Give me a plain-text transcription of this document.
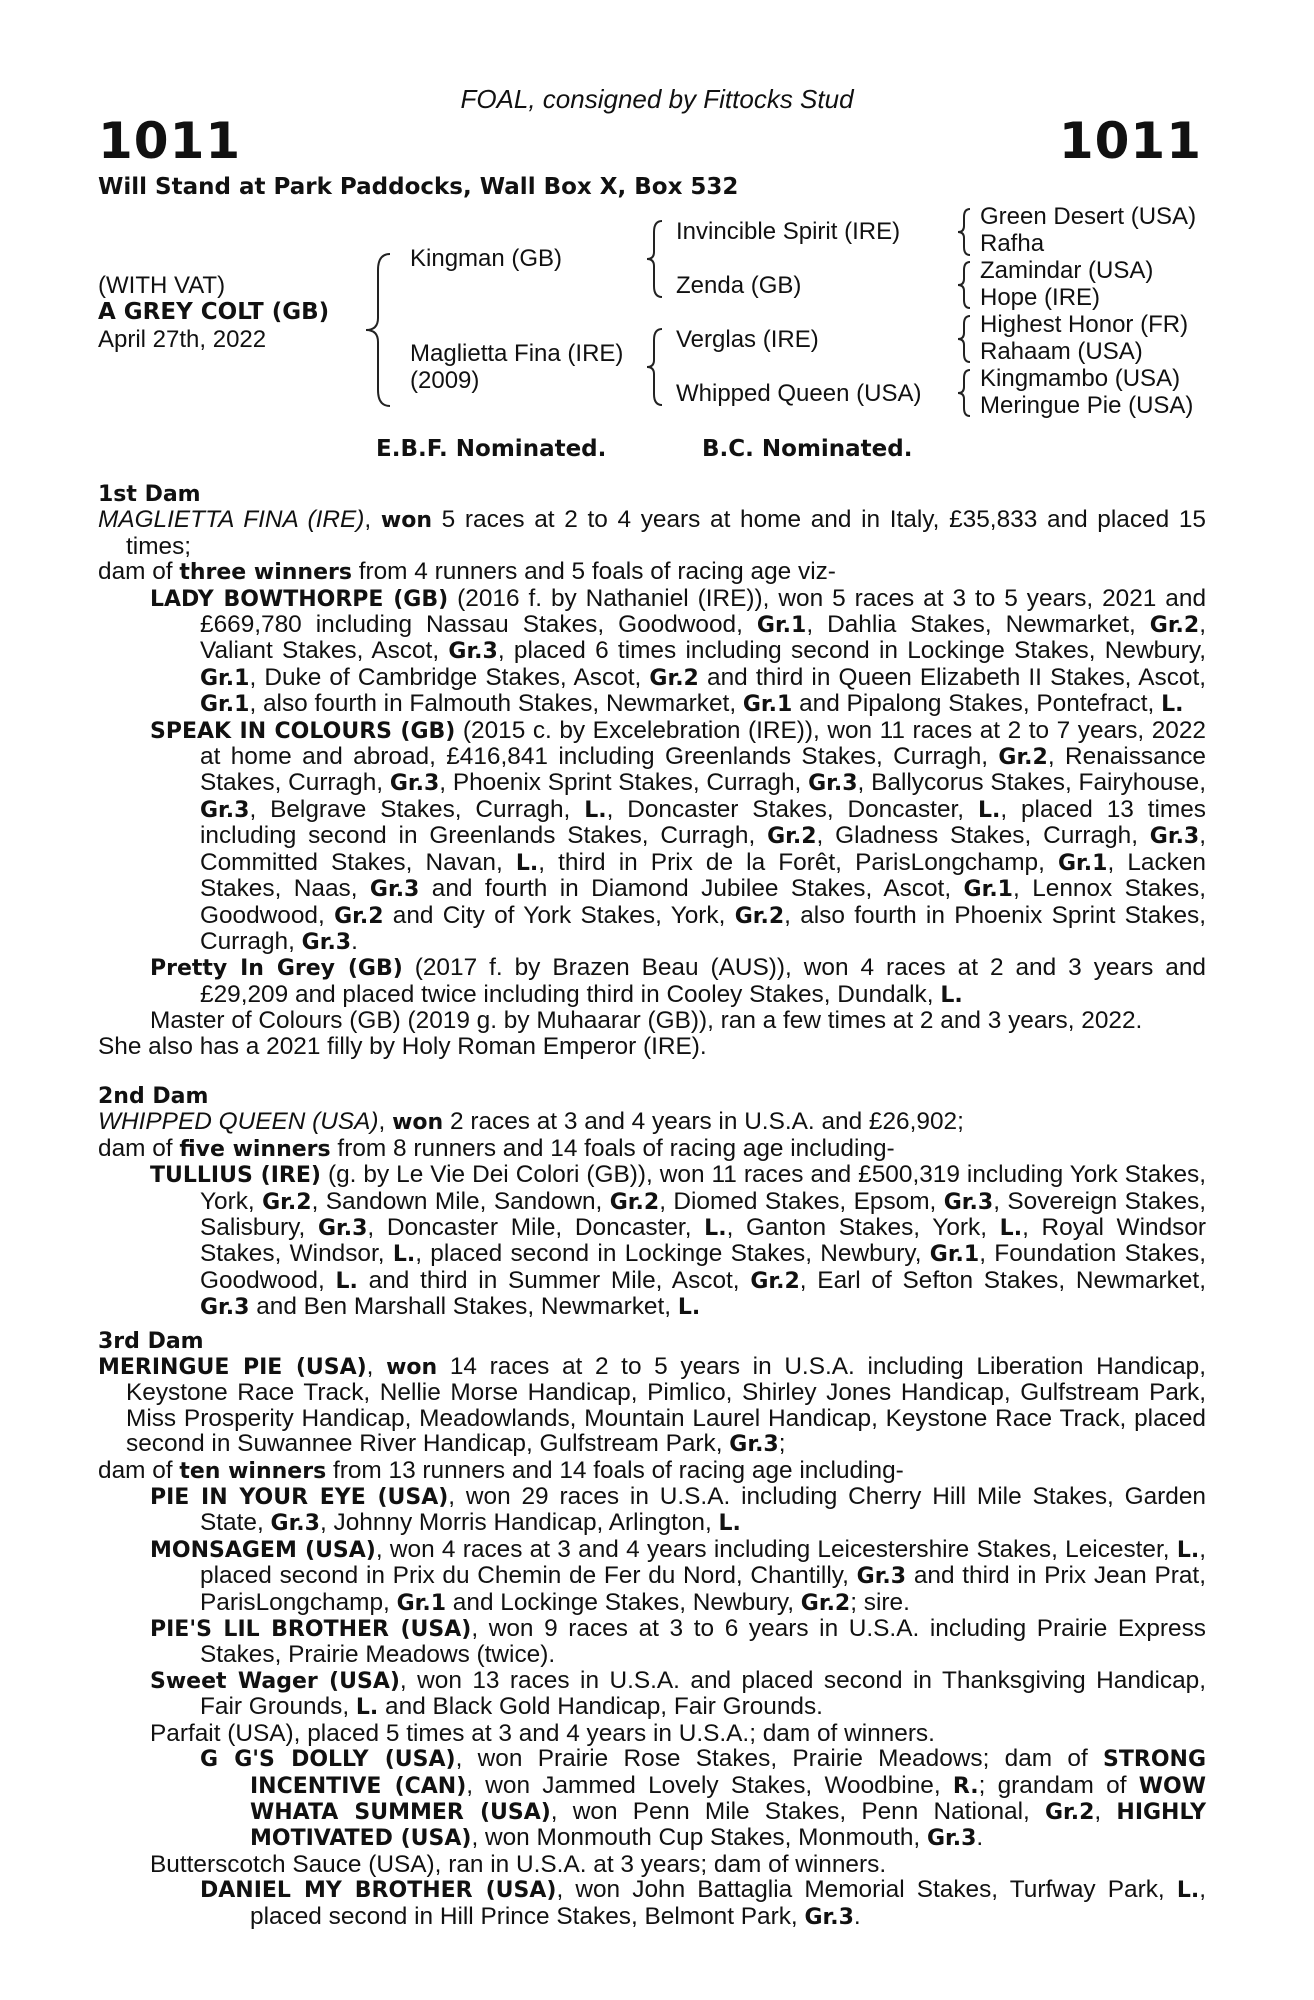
FOAL, consigned by Fittocks Stud
1011	1011
Will Stand at Park Paddocks, Wall Box X, Box 532
(WITH VAT)
A GREY COLT (GB)
April 27th, 2022
Kingman (GB)
Maglietta Fina (IRE)
(2009)
Invincible Spirit (IRE)
Zenda (GB)
Verglas (IRE)
Whipped Queen (USA)
Green Desert (USA)
Rafha
Zamindar (USA)
Hope (IRE)
Highest Honor (FR)
Rahaam (USA)
Kingmambo (USA)
Meringue Pie (USA)
E.B.F. Nominated.	B.C. Nominated.
1st Dam

MAGLIETTA FINA (IRE), won 5 races at 2 to 4 years at home and in Italy, £35,833 and placed 15 times;

dam of three winners from 4 runners and 5 foals of racing age viz-

LADY BOWTHORPE (GB) (2016 f. by Nathaniel (IRE)), won 5 races at 3 to 5 years, 2021 and £669,780 including Nassau Stakes, Goodwood, Gr.1, Dahlia Stakes, Newmarket, Gr.2, Valiant Stakes, Ascot, Gr.3, placed 6 times including second in Lockinge Stakes, Newbury, Gr.1, Duke of Cambridge Stakes, Ascot, Gr.2 and third in Queen Elizabeth II Stakes, Ascot, Gr.1, also fourth in Falmouth Stakes, Newmarket, Gr.1 and Pipalong Stakes, Pontefract, L.

SPEAK IN COLOURS (GB) (2015 c. by Excelebration (IRE)), won 11 races at 2 to 7 years, 2022 at home and abroad, £416,841 including Greenlands Stakes, Curragh, Gr.2, Renaissance Stakes, Curragh, Gr.3, Phoenix Sprint Stakes, Curragh, Gr.3, Ballycorus Stakes, Fairyhouse, Gr.3, Belgrave Stakes, Curragh, L., Doncaster Stakes, Doncaster, L., placed 13 times including second in Greenlands Stakes, Curragh, Gr.2, Gladness Stakes, Curragh, Gr.3, Committed Stakes, Navan, L., third in Prix de la Forêt, ParisLongchamp, Gr.1, Lacken Stakes, Naas, Gr.3 and fourth in Diamond Jubilee Stakes, Ascot, Gr.1, Lennox Stakes, Goodwood, Gr.2 and City of York Stakes, York, Gr.2, also fourth in Phoenix Sprint Stakes, Curragh, Gr.3.

Pretty In Grey (GB) (2017 f. by Brazen Beau (AUS)), won 4 races at 2 and 3 years and £29,209 and placed twice including third in Cooley Stakes, Dundalk, L.

Master of Colours (GB) (2019 g. by Muhaarar (GB)), ran a few times at 2 and 3 years, 2022.

She also has a 2021 filly by Holy Roman Emperor (IRE).

2nd Dam

WHIPPED QUEEN (USA), won 2 races at 3 and 4 years in U.S.A. and £26,902;

dam of five winners from 8 runners and 14 foals of racing age including-

TULLIUS (IRE) (g. by Le Vie Dei Colori (GB)), won 11 races and £500,319 including York Stakes, York, Gr.2, Sandown Mile, Sandown, Gr.2, Diomed Stakes, Epsom, Gr.3, Sovereign Stakes, Salisbury, Gr.3, Doncaster Mile, Doncaster, L., Ganton Stakes, York, L., Royal Windsor Stakes, Windsor, L., placed second in Lockinge Stakes, Newbury, Gr.1, Foundation Stakes, Goodwood, L. and third in Summer Mile, Ascot, Gr.2, Earl of Sefton Stakes, Newmarket, Gr.3 and Ben Marshall Stakes, Newmarket, L.

3rd Dam

MERINGUE PIE (USA), won 14 races at 2 to 5 years in U.S.A. including Liberation Handicap, Keystone Race Track, Nellie Morse Handicap, Pimlico, Shirley Jones Handicap, Gulfstream Park, Miss Prosperity Handicap, Meadowlands, Mountain Laurel Handicap, Keystone Race Track, placed second in Suwannee River Handicap, Gulfstream Park, Gr.3;

dam of ten winners from 13 runners and 14 foals of racing age including-

PIE IN YOUR EYE (USA), won 29 races in U.S.A. including Cherry Hill Mile Stakes, Garden State, Gr.3, Johnny Morris Handicap, Arlington, L.

MONSAGEM (USA), won 4 races at 3 and 4 years including Leicestershire Stakes, Leicester, L., placed second in Prix du Chemin de Fer du Nord, Chantilly, Gr.3 and third in Prix Jean Prat, ParisLongchamp, Gr.1 and Lockinge Stakes, Newbury, Gr.2; sire.

PIE'S LIL BROTHER (USA), won 9 races at 3 to 6 years in U.S.A. including Prairie Express Stakes, Prairie Meadows (twice).

Sweet Wager (USA), won 13 races in U.S.A. and placed second in Thanksgiving Handicap, Fair Grounds, L. and Black Gold Handicap, Fair Grounds.

Parfait (USA), placed 5 times at 3 and 4 years in U.S.A.; dam of winners.

G G'S DOLLY (USA), won Prairie Rose Stakes, Prairie Meadows; dam of STRONG INCENTIVE (CAN), won Jammed Lovely Stakes, Woodbine, R.; grandam of WOW WHATA SUMMER (USA), won Penn Mile Stakes, Penn National, Gr.2, HIGHLY MOTIVATED (USA), won Monmouth Cup Stakes, Monmouth, Gr.3.

Butterscotch Sauce (USA), ran in U.S.A. at 3 years; dam of winners.

DANIEL MY BROTHER (USA), won John Battaglia Memorial Stakes, Turfway Park, L., placed second in Hill Prince Stakes, Belmont Park, Gr.3.
